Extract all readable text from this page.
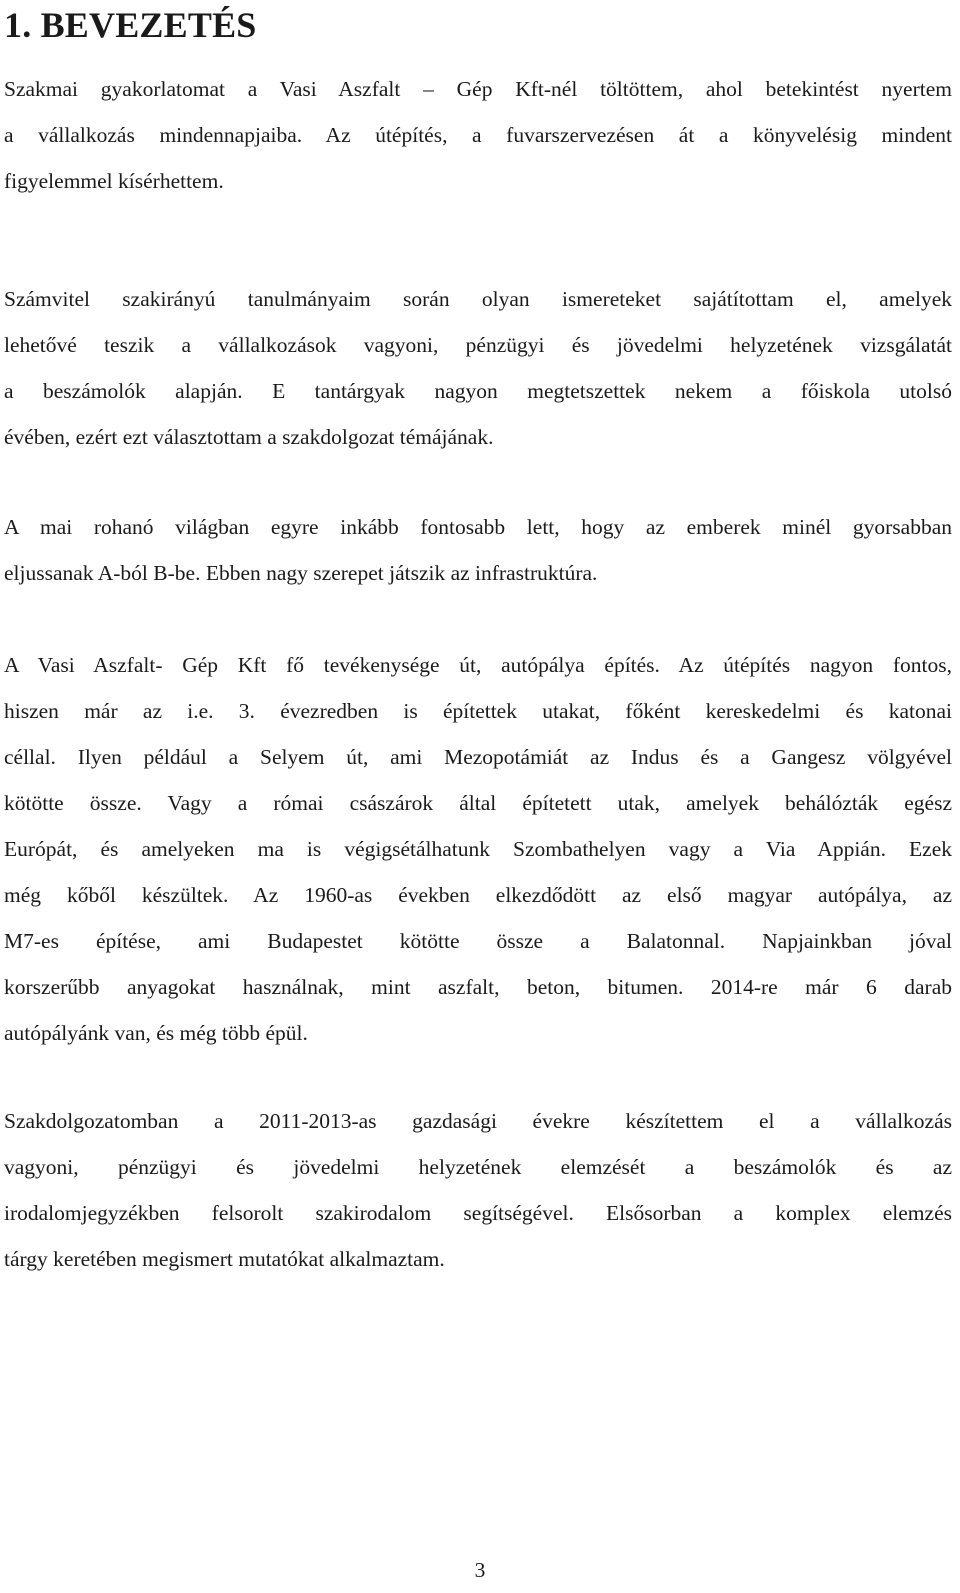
1. BEVEZETÉS

Szakmai gyakorlatomat a Vasi Aszfalt – Gép Kft-nél töltöttem, ahol betekintést nyertem
a vállalkozás mindennapjaiba. Az útépítés, a fuvarszervezésen át a könyvelésig mindent
figyelemmel kísérhettem.

Számvitel szakirányú tanulmányaim során olyan ismereteket sajátítottam el, amelyek
lehetővé teszik a vállalkozások vagyoni, pénzügyi és jövedelmi helyzetének vizsgálatát
a beszámolók alapján. E tantárgyak nagyon megtetszettek nekem a főiskola utolsó
évében, ezért ezt választottam a szakdolgozat témájának.

A mai rohanó világban egyre inkább fontosabb lett, hogy az emberek minél gyorsabban
eljussanak A-ból B-be. Ebben nagy szerepet játszik az infrastruktúra.

A Vasi Aszfalt- Gép Kft fő tevékenysége út, autópálya építés. Az útépítés nagyon fontos,
hiszen már az i.e. 3. évezredben is építettek utakat, főként kereskedelmi és katonai
céllal. Ilyen például a Selyem út, ami Mezopotámiát az Indus és a Gangesz völgyével
kötötte össze. Vagy a római császárok által építetett utak, amelyek behálózták egész
Európát, és amelyeken ma is végigsétálhatunk Szombathelyen vagy a Via Appián. Ezek
még kőből készültek. Az 1960-as években elkezdődött az első magyar autópálya, az
M7-es építése, ami Budapestet kötötte össze a Balatonnal. Napjainkban jóval
korszerűbb anyagokat használnak, mint aszfalt, beton, bitumen. 2014-re már 6 darab
autópályánk van, és még több épül.

Szakdolgozatomban a 2011-2013-as gazdasági évekre készítettem el a vállalkozás
vagyoni, pénzügyi és jövedelmi helyzetének elemzését a beszámolók és az
irodalomjegyzékben felsorolt szakirodalom segítségével. Elsősorban a komplex elemzés
tárgy keretében megismert mutatókat alkalmaztam.

3
